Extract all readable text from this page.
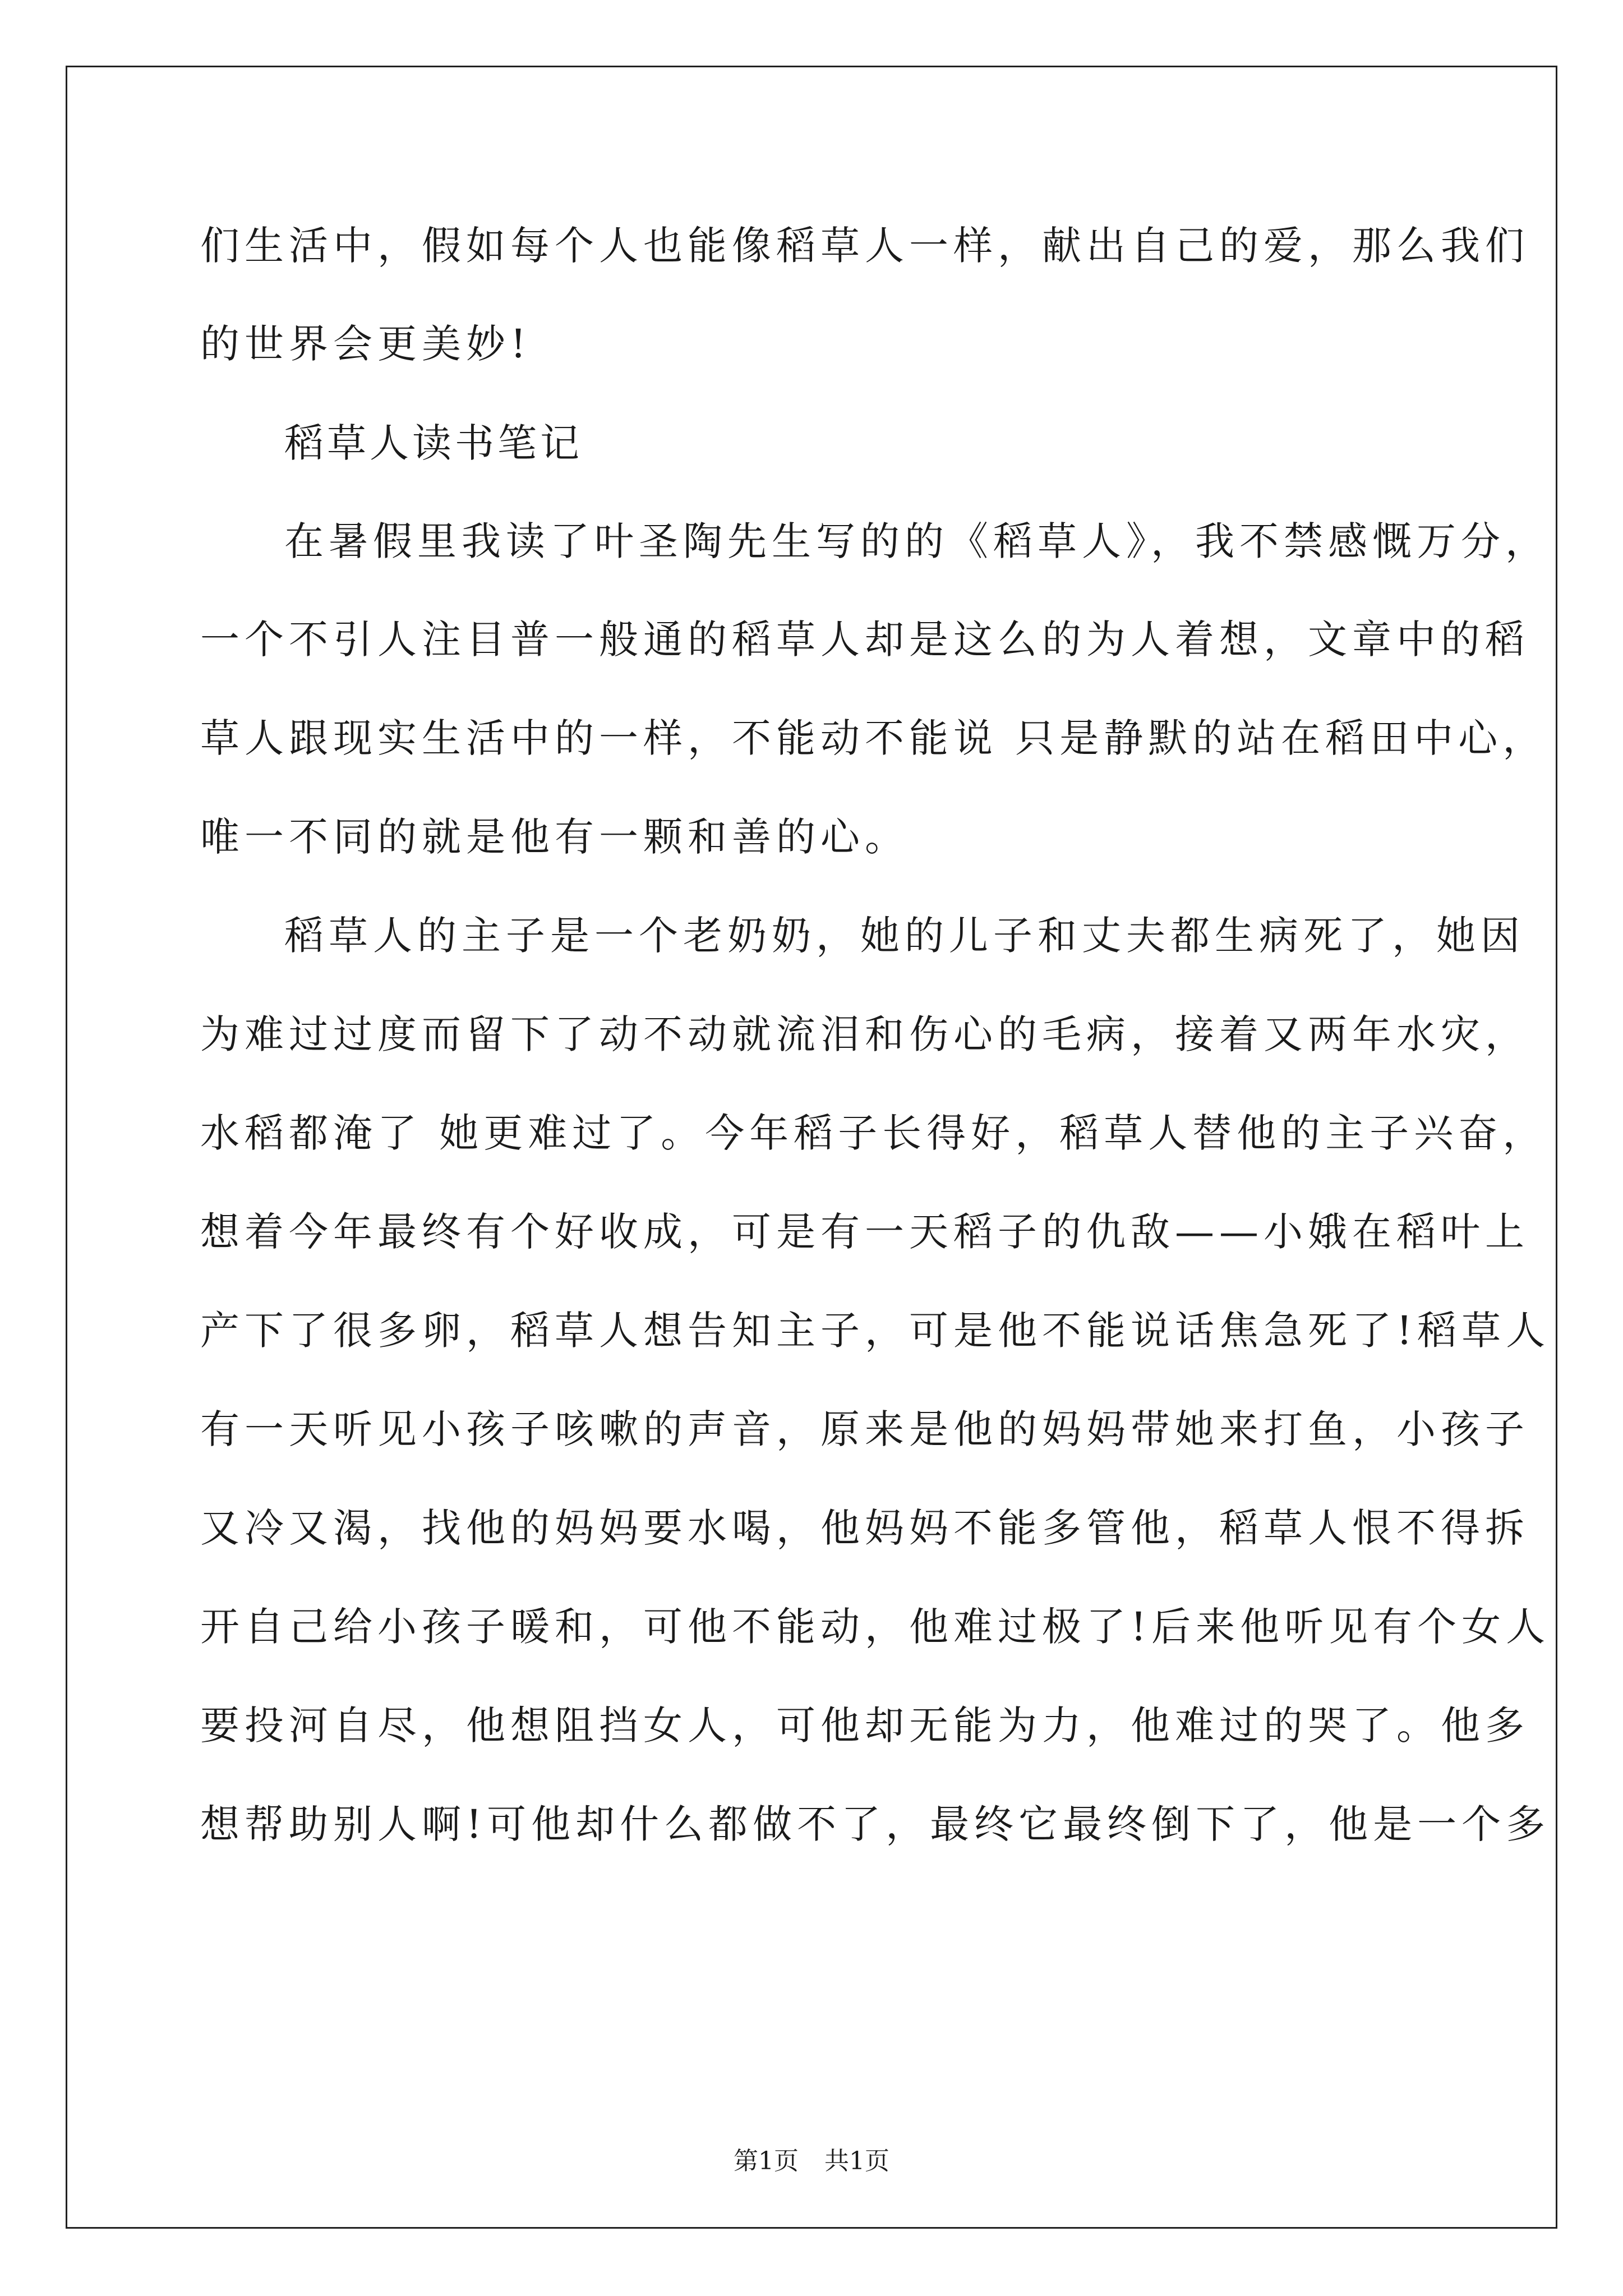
们生活中，假如每个人也能像稻草人一样，献出自己的爱，那么我们
的世界会更美妙!
稻草人读书笔记
在暑假里我读了叶圣陶先生写的的《稻草人》，我不禁感慨万分，
一个不引人注目普一般通的稻草人却是这么的为人着想，文章中的稻
草人跟现实生活中的一样，不能动不能说 只是静默的站在稻田中心，
唯一不同的就是他有一颗和善的心。
稻草人的主子是一个老奶奶，她的儿子和丈夫都生病死了，她因
为难过过度而留下了动不动就流泪和伤心的毛病，接着又两年水灾，
水稻都淹了 她更难过了。今年稻子长得好，稻草人替他的主子兴奋，
想着今年最终有个好收成，可是有一天稻子的仇敌——小娥在稻叶上
产下了很多卵，稻草人想告知主子，可是他不能说话焦急死了!稻草人
有一天听见小孩子咳嗽的声音，原来是他的妈妈带她来打鱼，小孩子
又冷又渴，找他的妈妈要水喝，他妈妈不能多管他，稻草人恨不得拆
开自己给小孩子暖和，可他不能动，他难过极了!后来他听见有个女人
要投河自尽，他想阻挡女人，可他却无能为力，他难过的哭了。他多
想帮助别人啊!可他却什么都做不了，最终它最终倒下了，他是一个多
第1页 共1页
